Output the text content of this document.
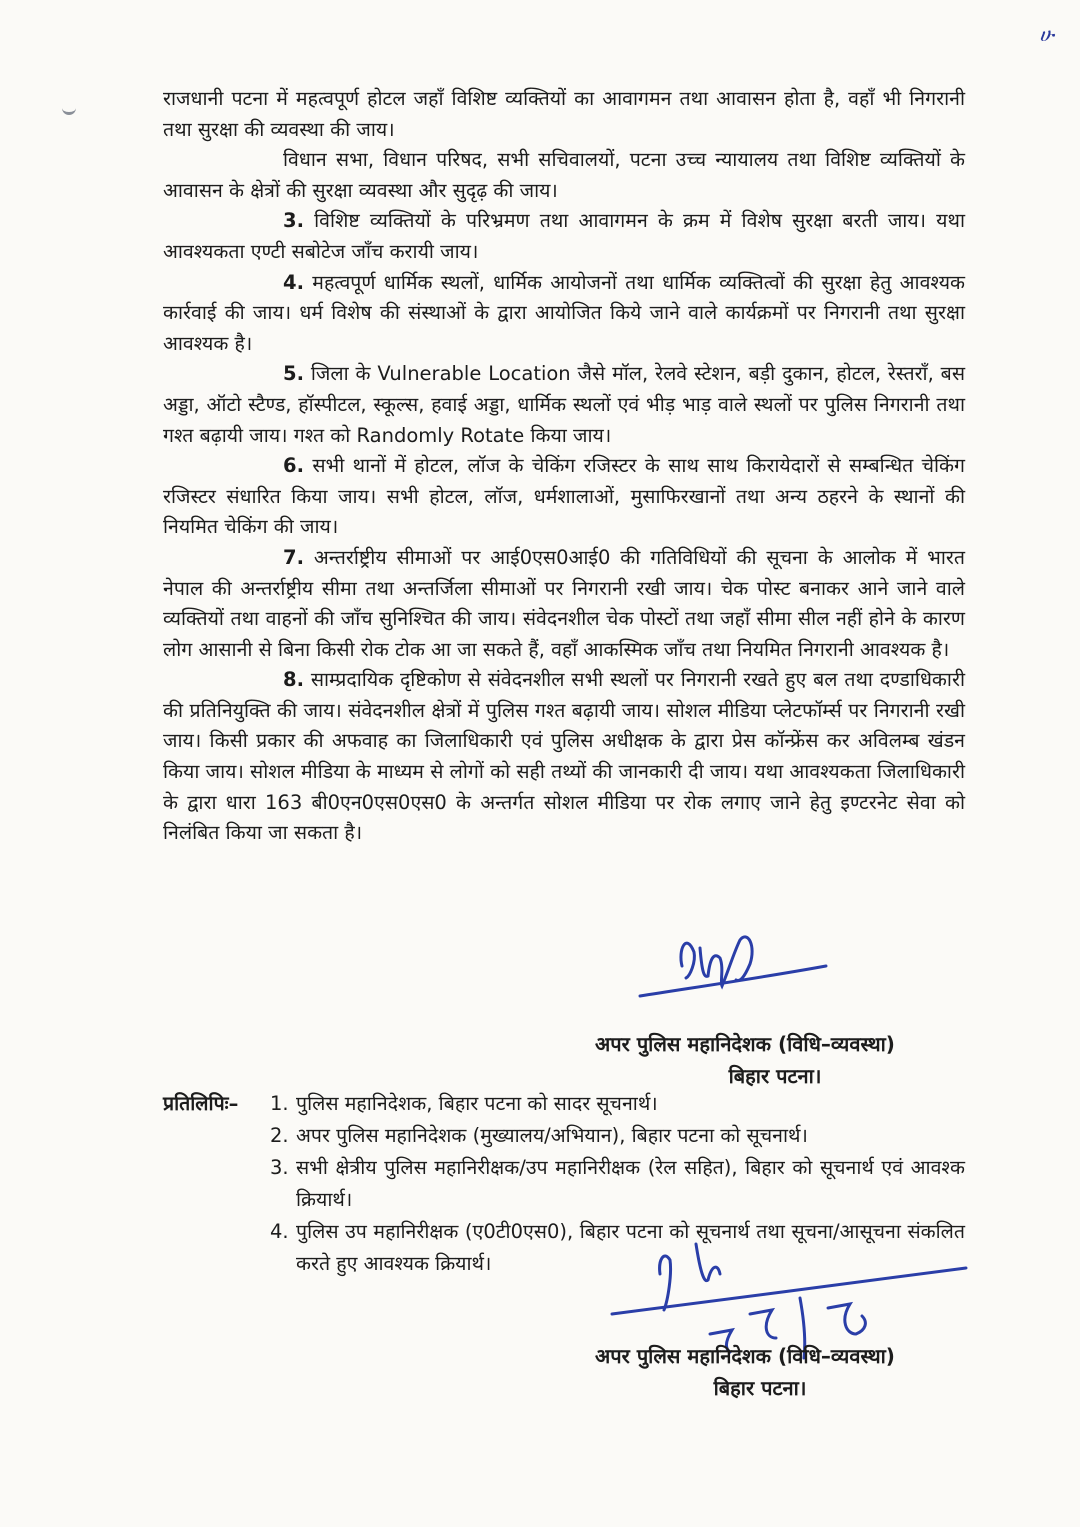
ሁ

राजधानी पटना में महत्वपूर्ण होटल जहाँ विशिष्ट व्यक्तियों का आवागमन तथा आवासन होता है, वहाँ भी निगरानी तथा सुरक्षा की व्यवस्था की जाय।

विधान सभा, विधान परिषद, सभी सचिवालयों, पटना उच्च न्यायालय तथा विशिष्ट व्यक्तियों के आवासन के क्षेत्रों की सुरक्षा व्यवस्था और सुदृढ़ की जाय।

3. विशिष्ट व्यक्तियों के परिभ्रमण तथा आवागमन के क्रम में विशेष सुरक्षा बरती जाय। यथा आवश्यकता एण्टी सबोटेज जाँच करायी जाय।

4. महत्वपूर्ण धार्मिक स्थलों, धार्मिक आयोजनों तथा धार्मिक व्यक्तित्वों की सुरक्षा हेतु आवश्यक कार्रवाई की जाय। धर्म विशेष की संस्थाओं के द्वारा आयोजित किये जाने वाले कार्यक्रमों पर निगरानी तथा सुरक्षा आवश्यक है।

5. जिला के Vulnerable Location जैसे मॉल, रेलवे स्टेशन, बड़ी दुकान, होटल, रेस्तराँ, बस अड्डा, ऑटो स्टैण्ड, हॉस्पीटल, स्कूल्स, हवाई अड्डा, धार्मिक स्थलों एवं भीड़ भाड़ वाले स्थलों पर पुलिस निगरानी तथा गश्त बढ़ायी जाय। गश्त को Randomly Rotate किया जाय।

6. सभी थानों में होटल, लॉज के चेकिंग रजिस्टर के साथ साथ किरायेदारों से सम्बन्धित चेकिंग रजिस्टर संधारित किया जाय। सभी होटल, लॉज, धर्मशालाओं, मुसाफिरखानों तथा अन्य ठहरने के स्थानों की नियमित चेकिंग की जाय।

7. अन्तर्राष्ट्रीय सीमाओं पर आई0एस0आई0 की गतिविधियों की सूचना के आलोक में भारत नेपाल की अन्तर्राष्ट्रीय सीमा तथा अन्तर्जिला सीमाओं पर निगरानी रखी जाय। चेक पोस्ट बनाकर आने जाने वाले व्यक्तियों तथा वाहनों की जाँच सुनिश्चित की जाय। संवेदनशील चेक पोस्टों तथा जहाँ सीमा सील नहीं होने के कारण लोग आसानी से बिना किसी रोक टोक आ जा सकते हैं, वहाँ आकस्मिक जाँच तथा नियमित निगरानी आवश्यक है।

8. साम्प्रदायिक दृष्टिकोण से संवेदनशील सभी स्थलों पर निगरानी रखते हुए बल तथा दण्डाधिकारी की प्रतिनियुक्ति की जाय। संवेदनशील क्षेत्रों में पुलिस गश्त बढ़ायी जाय। सोशल मीडिया प्लेटफॉर्म्स पर निगरानी रखी जाय। किसी प्रकार की अफवाह का जिलाधिकारी एवं पुलिस अधीक्षक के द्वारा प्रेस कॉन्फ्रेंस कर अविलम्ब खंडन किया जाय। सोशल मीडिया के माध्यम से लोगों को सही तथ्यों की जानकारी दी जाय। यथा आवश्यकता जिलाधिकारी के द्वारा धारा 163 बी0एन0एस0एस0 के अन्तर्गत सोशल मीडिया पर रोक लगाए जाने हेतु इण्टरनेट सेवा को निलंबित किया जा सकता है।

अपर पुलिस महानिदेशक (विधि–व्यवस्था)
बिहार पटना।
प्रतिलिपिः– 1. पुलिस महानिदेशक, बिहार पटना को सादर सूचनार्थ।
2. अपर पुलिस महानिदेशक (मुख्यालय/अभियान), बिहार पटना को सूचनार्थ।
3. सभी क्षेत्रीय पुलिस महानिरीक्षक/उप महानिरीक्षक (रेल सहित), बिहार को सूचनार्थ एवं आवश्क क्रियार्थ।
4. पुलिस उप महानिरीक्षक (ए0टी0एस0), बिहार पटना को सूचनार्थ तथा सूचना/आसूचना संकलित करते हुए आवश्यक क्रियार्थ।
अपर पुलिस महानिदेशक (विधि–व्यवस्था)
बिहार पटना।
